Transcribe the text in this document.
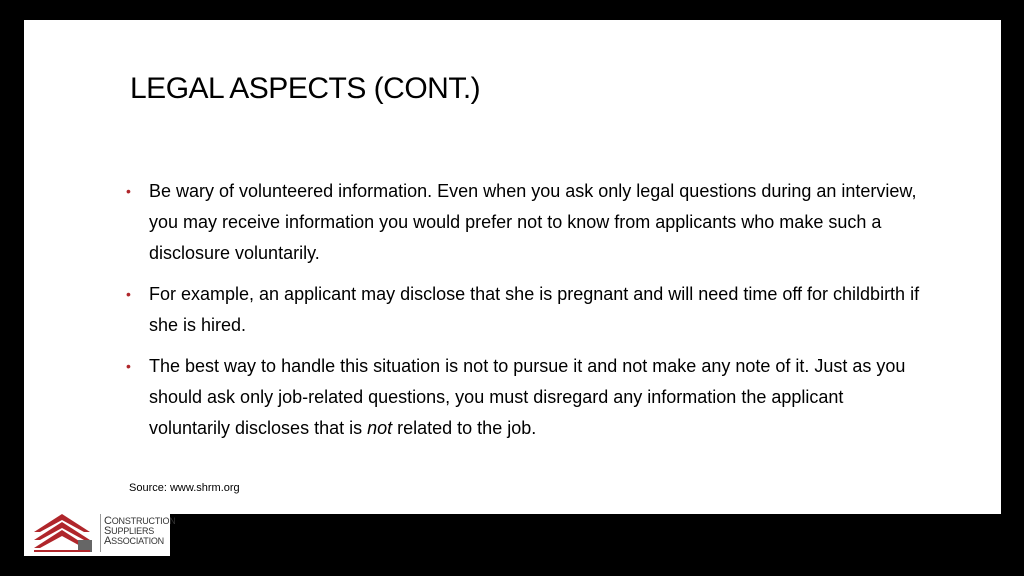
LEGAL ASPECTS (CONT.)
• Be wary of volunteered information. Even when you ask only legal questions during an interview, you may receive information you would prefer not to know from applicants who make such a disclosure voluntarily.
• For example, an applicant may disclose that she is pregnant and will need time off for childbirth if she is hired.
• The best way to handle this situation is not to pursue it and not make any note of it. Just as you should ask only job-related questions, you must disregard any information the applicant voluntarily discloses that is not related to the job.
Source: www.shrm.org
CONSTRUCTION
SUPPLIERS
ASSOCIATION
